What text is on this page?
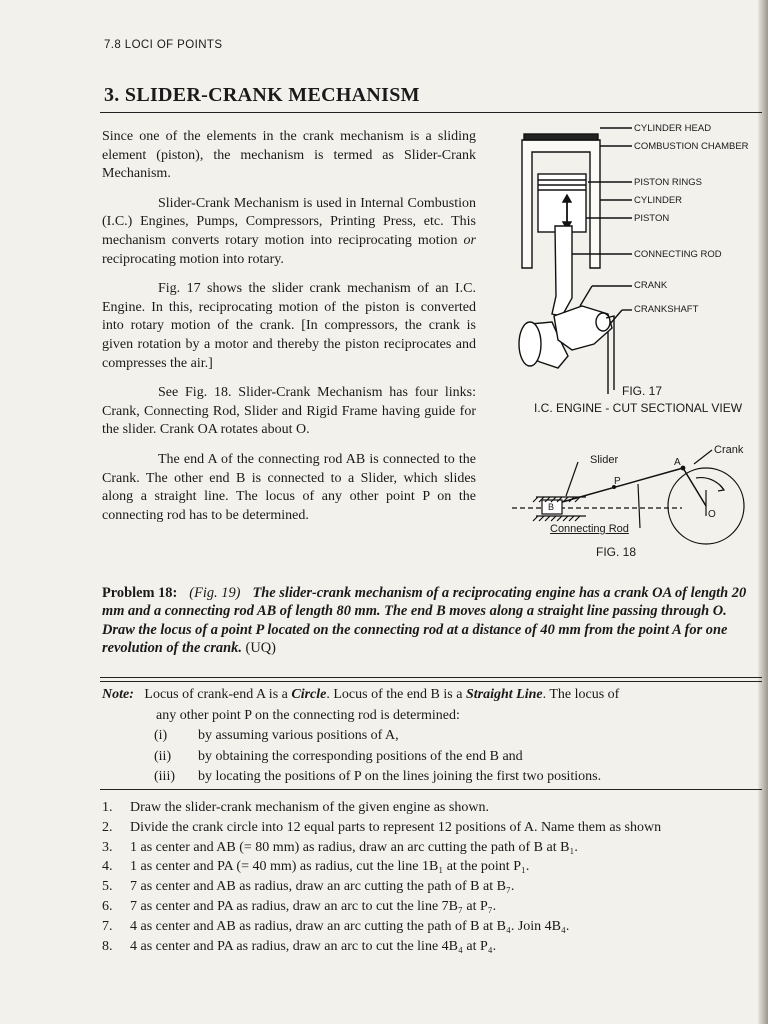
7.8 LOCI OF POINTS
3. SLIDER-CRANK MECHANISM

Since one of the elements in the crank mechanism is a sliding element (piston), the mechanism is termed as Slider-Crank Mechanism.

Slider-Crank Mechanism is used in Internal Combustion (I.C.) Engines, Pumps, Compressors, Printing Press, etc. This mechanism converts rotary motion into reciprocating motion or reciprocating motion into rotary.

Fig. 17 shows the slider crank mechanism of an I.C. Engine. In this, reciprocating motion of the piston is converted into rotary motion of the crank. [In compressors, the crank is given rotation by a motor and thereby the piston reciprocates and compresses the air.]

See Fig. 18. Slider-Crank Mechanism has four links: Crank, Connecting Rod, Slider and Rigid Frame having guide for the slider. Crank OA rotates about O.

The end A of the connecting rod AB is connected to the Crank. The other end B is connected to a Slider, which slides along a straight line. The locus of any other point P on the connecting rod has to be determined.

CYLINDER HEAD
COMBUSTION CHAMBER
PISTON RINGS
CYLINDER
PISTON
CONNECTING ROD
CRANK
CRANKSHAFT
FIG. 17
I.C. ENGINE - CUT SECTIONAL VIEW
Slider
Crank
A
P
B
O
Connecting Rod
FIG. 18
Problem 18: (Fig. 19) The slider-crank mechanism of a reciprocating engine has a crank OA of length 20 mm and a connecting rod AB of length 80 mm. The end B moves along a straight line passing through O. Draw the locus of a point P located on the connecting rod at a distance of 40 mm from the point A for one revolution of the crank. (UQ)
Note: Locus of crank-end A is a Circle. Locus of the end B is a Straight Line. The locus of
any other point P on the connecting rod is determined:
(i)	by assuming various positions of A,
(ii)	by obtaining the corresponding positions of the end B and
(iii)	by locating the positions of P on the lines joining the first two positions.
1.	Draw the slider-crank mechanism of the given engine as shown.
2.	Divide the crank circle into 12 equal parts to represent 12 positions of A. Name them as shown
3.	1 as center and AB (= 80 mm) as radius, draw an arc cutting the path of B at B₁.
4.	1 as center and PA (= 40 mm) as radius, cut the line 1B₁ at the point P₁.
5.	7 as center and AB as radius, draw an arc cutting the path of B at B₇.
6.	7 as center and PA as radius, draw an arc to cut the line 7B₇ at P₇.
7.	4 as center and AB as radius, draw an arc cutting the path of B at B₄. Join 4B₄.
8.	4 as center and PA as radius, draw an arc to cut the line 4B₄ at P₄.
